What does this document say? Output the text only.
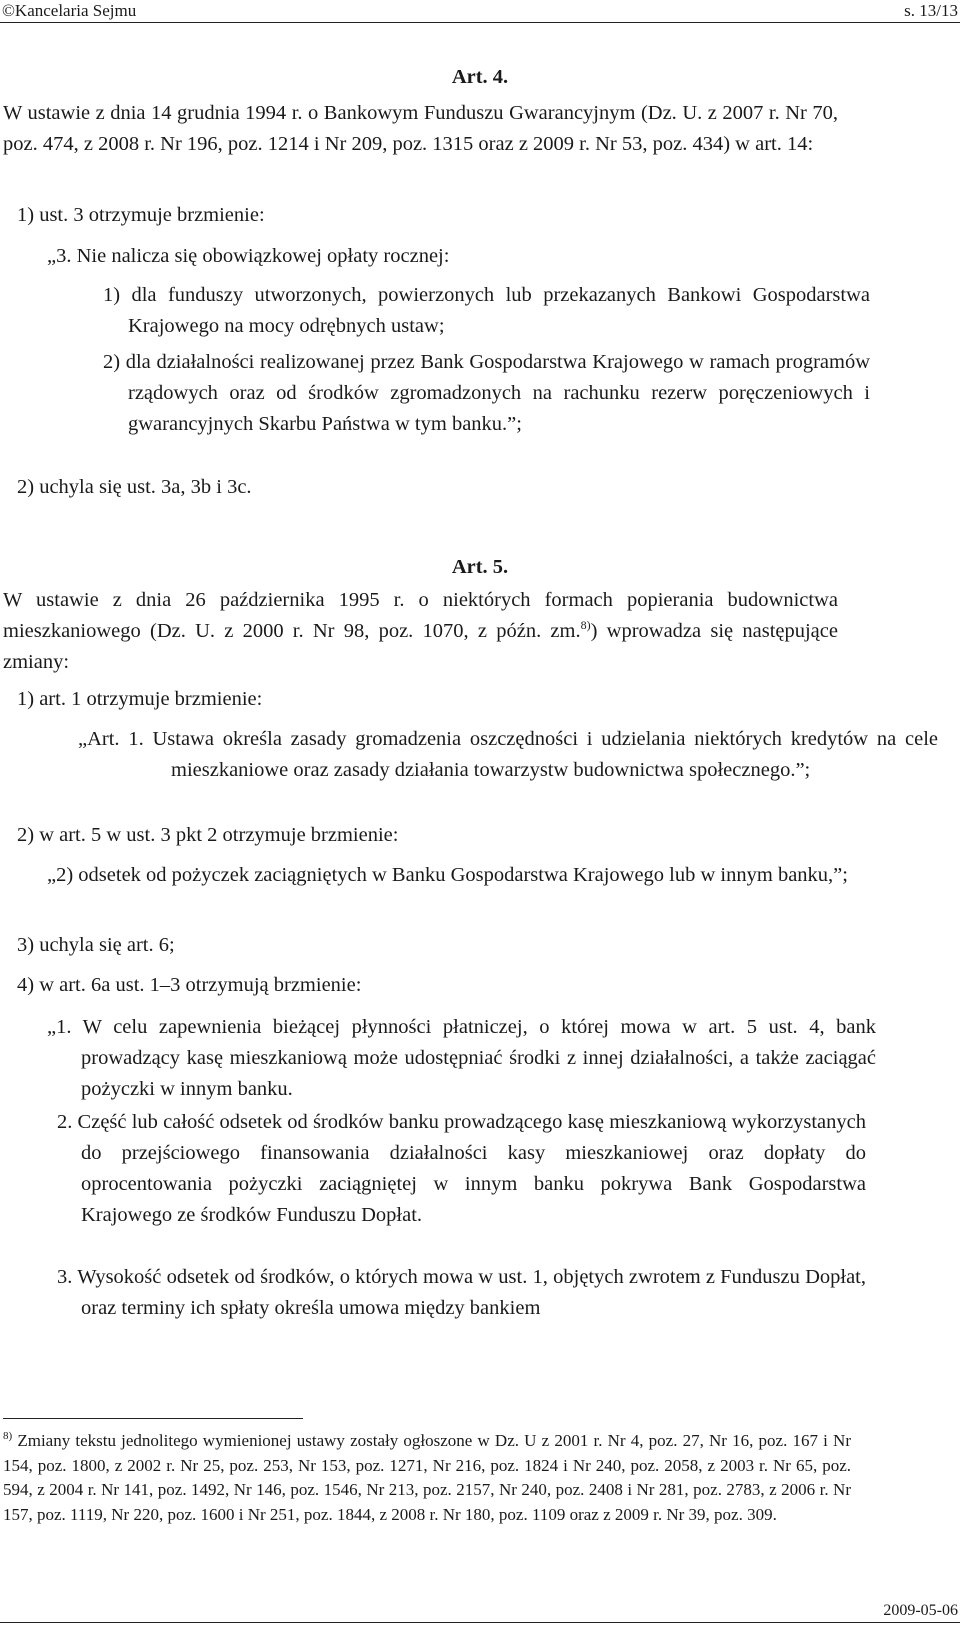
©Kancelaria Sejmu	s. 13/13
Art. 4.
W ustawie z dnia 14 grudnia 1994 r. o Bankowym Funduszu Gwarancyjnym (Dz. U. z 2007 r. Nr 70, poz. 474, z 2008 r. Nr 196, poz. 1214 i Nr 209, poz. 1315 oraz z 2009 r. Nr 53, poz. 434) w art. 14:
1) ust. 3 otrzymuje brzmienie:
„3. Nie nalicza się obowiązkowej opłaty rocznej:
1) dla funduszy utworzonych, powierzonych lub przekazanych Bankowi Gospodarstwa Krajowego na mocy odrębnych ustaw;
2) dla działalności realizowanej przez Bank Gospodarstwa Krajowego w ramach programów rządowych oraz od środków zgromadzonych na rachunku rezerw poręczeniowych i gwarancyjnych Skarbu Państwa w tym banku.”;
2) uchyla się ust. 3a, 3b i 3c.
Art. 5.
W ustawie z dnia 26 października 1995 r. o niektórych formach popierania budownictwa mieszkaniowego (Dz. U. z 2000 r. Nr 98, poz. 1070, z późn. zm.$^{8)}$) wprowadza się następujące zmiany:
1) art. 1 otrzymuje brzmienie:
„Art. 1. Ustawa określa zasady gromadzenia oszczędności i udzielania niektórych kredytów na cele mieszkaniowe oraz zasady działania towarzystw budownictwa społecznego.”;
2) w art. 5 w ust. 3 pkt 2 otrzymuje brzmienie:
„2) odsetek od pożyczek zaciągniętych w Banku Gospodarstwa Krajowego lub w innym banku,”;
3) uchyla się art. 6;
4) w art. 6a ust. 1–3 otrzymują brzmienie:
„1. W celu zapewnienia bieżącej płynności płatniczej, o której mowa w art. 5 ust. 4, bank prowadzący kasę mieszkaniową może udostępniać środki z innej działalności, a także zaciągać pożyczki w innym banku.
2. Część lub całość odsetek od środków banku prowadzącego kasę mieszkaniową wykorzystanych do przejściowego finansowania działalności kasy mieszkaniowej oraz dopłaty do oprocentowania pożyczki zaciągniętej w innym banku pokrywa Bank Gospodarstwa Krajowego ze środków Funduszu Dopłat.
3. Wysokość odsetek od środków, o których mowa w ust. 1, objętych zwrotem z Funduszu Dopłat, oraz terminy ich spłaty określa umowa między bankiem
$^{8)}$ Zmiany tekstu jednolitego wymienionej ustawy zostały ogłoszone w Dz. U z 2001 r. Nr 4, poz. 27, Nr 16, poz. 167 i Nr 154, poz. 1800, z 2002 r. Nr 25, poz. 253, Nr 153, poz. 1271, Nr 216, poz. 1824 i Nr 240, poz. 2058, z 2003 r. Nr 65, poz. 594, z 2004 r. Nr 141, poz. 1492, Nr 146, poz. 1546, Nr 213, poz. 2157, Nr 240, poz. 2408 i Nr 281, poz. 2783, z 2006 r. Nr 157, poz. 1119, Nr 220, poz. 1600 i Nr 251, poz. 1844, z 2008 r. Nr 180, poz. 1109 oraz z 2009 r. Nr 39, poz. 309.
2009-05-06
